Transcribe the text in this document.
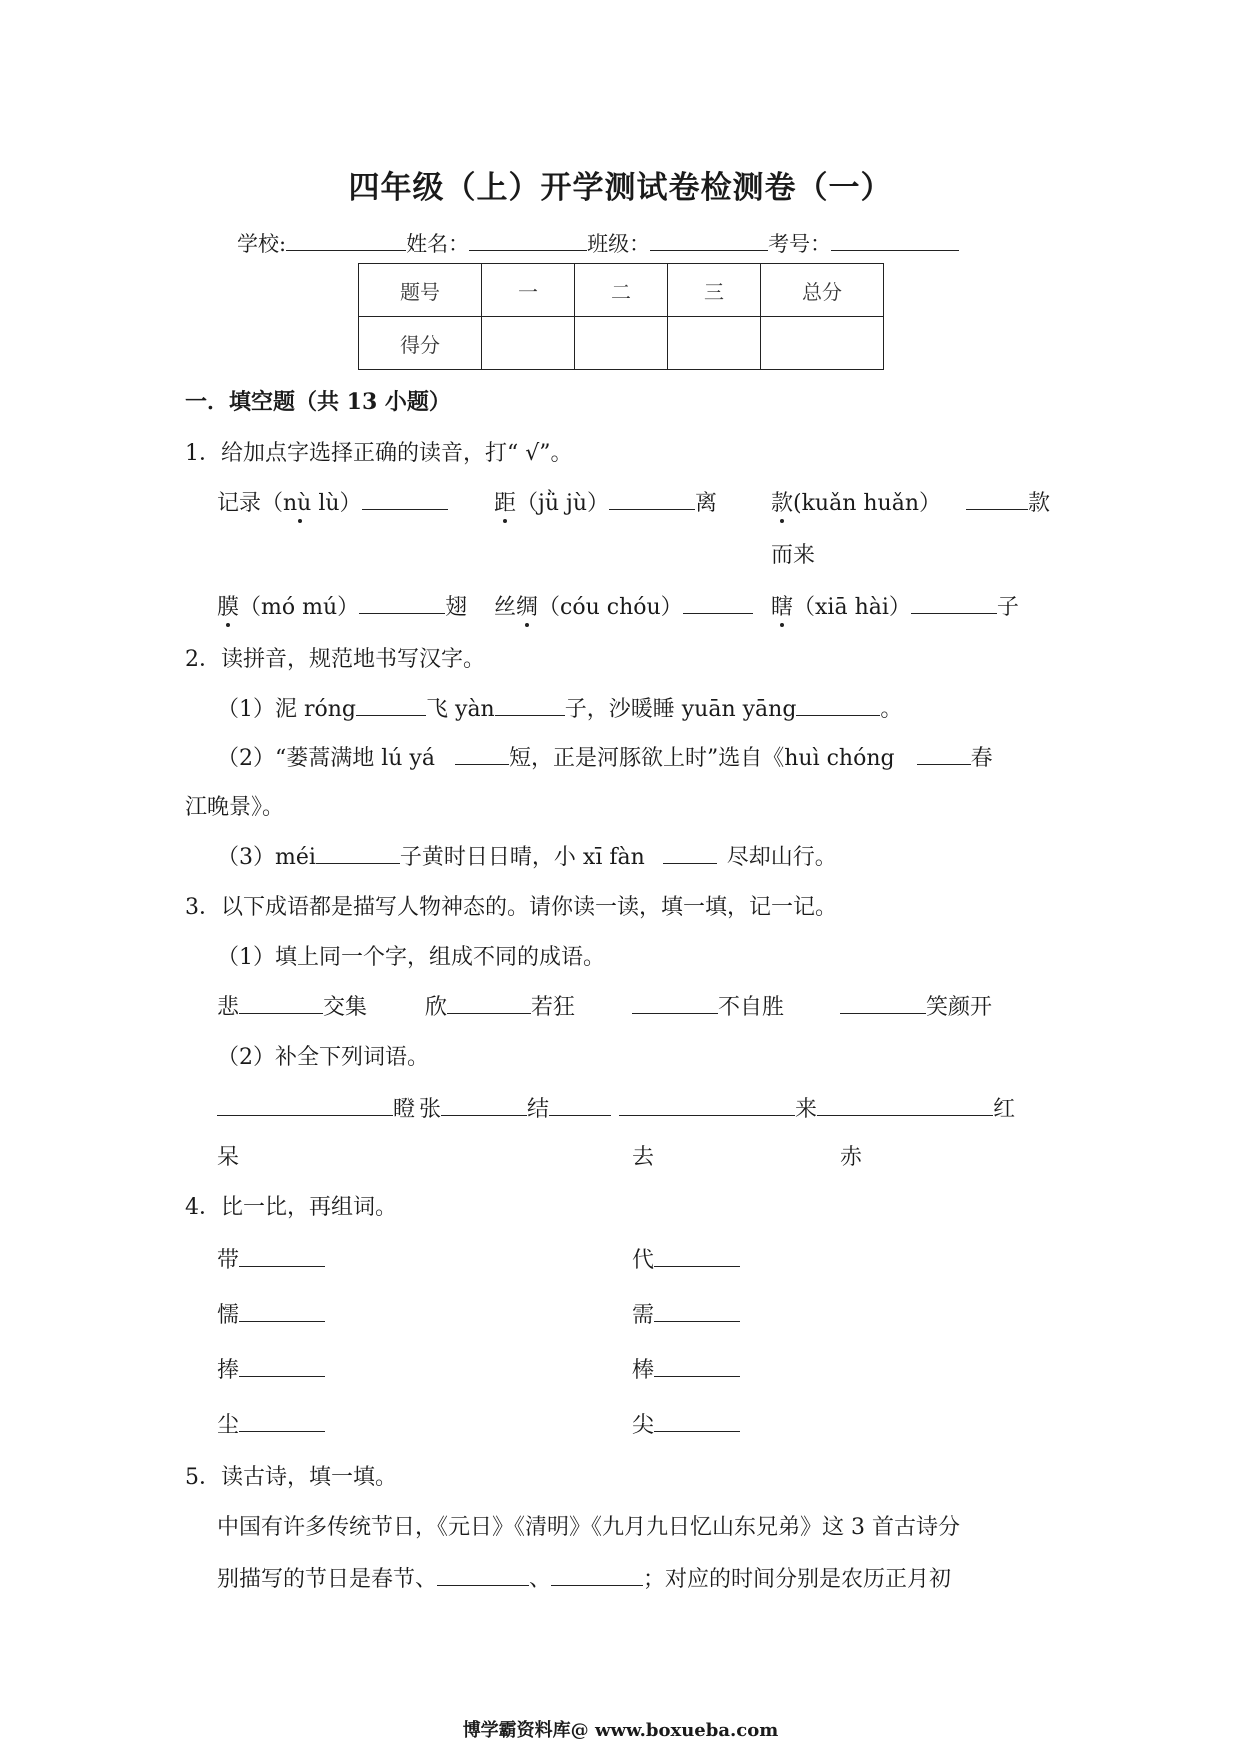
四年级（上）开学测试卷检测卷（一）
学校:	姓名：	班级：	考号：
题号	一	二	三	总分
得分				
一．填空题（共 13 小题）
1．给加点字选择正确的读音，打“ √”。
记录（nù lù）	距（jǜ jù）	离 款(kuǎn huǎn）	款
而来
膜（mó mú）	翅 丝绸（cóu chóu）	瞎（xiā hài）	子
2．读拼音，规范地书写汉字。
（1）泥 róng	飞 yàn	子，沙暖睡 yuān yāng	。
（2）“蒌蒿满地 lú yá	短，正是河豚欲上时”选自《huì chóng	春
江晚景》。
（3）méi	子黄时日日晴，小 xī fàn	尽却山行。
3．以下成语都是描写人物神态的。请你读一读，填一填，记一记。
（1）填上同一个字，组成不同的成语。
悲	交集	欣	若狂	不自胜	笑颜开
（2）补全下列词语。
瞪 张	结	来	红
呆	去	赤
4．比一比，再组词。
带	代
懦	需
捧	棒
尘	尖
5．读古诗，填一填。
中国有许多传统节日，《元日》《清明》《九月九日忆山东兄弟》这 3 首古诗分
别描写的节日是春节、	、	；对应的时间分别是农历正月初
博学霸资料库@ www.boxueba.com
